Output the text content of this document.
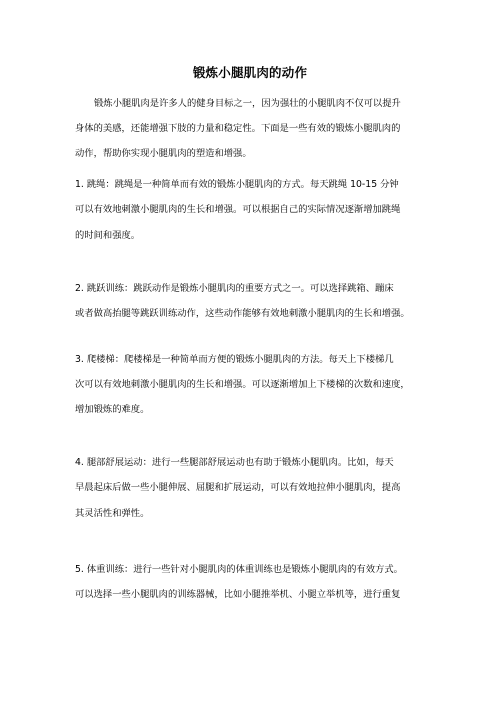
锻炼小腿肌肉的动作
锻炼小腿肌肉是许多人的健身目标之一，因为强壮的小腿肌肉不仅可以提升
身体的美感，还能增强下肢的力量和稳定性。下面是一些有效的锻炼小腿肌肉的
动作，帮助你实现小腿肌肉的塑造和增强。
1. 跳绳：跳绳是一种简单而有效的锻炼小腿肌肉的方式。每天跳绳 10-15 分钟
可以有效地刺激小腿肌肉的生长和增强。可以根据自己的实际情况逐渐增加跳绳
的时间和强度。
2. 跳跃训练：跳跃动作是锻炼小腿肌肉的重要方式之一。可以选择跳箱、蹦床
或者做高抬腿等跳跃训练动作，这些动作能够有效地刺激小腿肌肉的生长和增强。
3. 爬楼梯：爬楼梯是一种简单而方便的锻炼小腿肌肉的方法。每天上下楼梯几
次可以有效地刺激小腿肌肉的生长和增强。可以逐渐增加上下楼梯的次数和速度，
增加锻炼的难度。
4. 腿部舒展运动：进行一些腿部舒展运动也有助于锻炼小腿肌肉。比如，每天
早晨起床后做一些小腿伸展、屈腿和扩展运动，可以有效地拉伸小腿肌肉，提高
其灵活性和弹性。
5. 体重训练：进行一些针对小腿肌肉的体重训练也是锻炼小腿肌肉的有效方式。
可以选择一些小腿肌肉的训练器械，比如小腿推举机、小腿立举机等，进行重复
